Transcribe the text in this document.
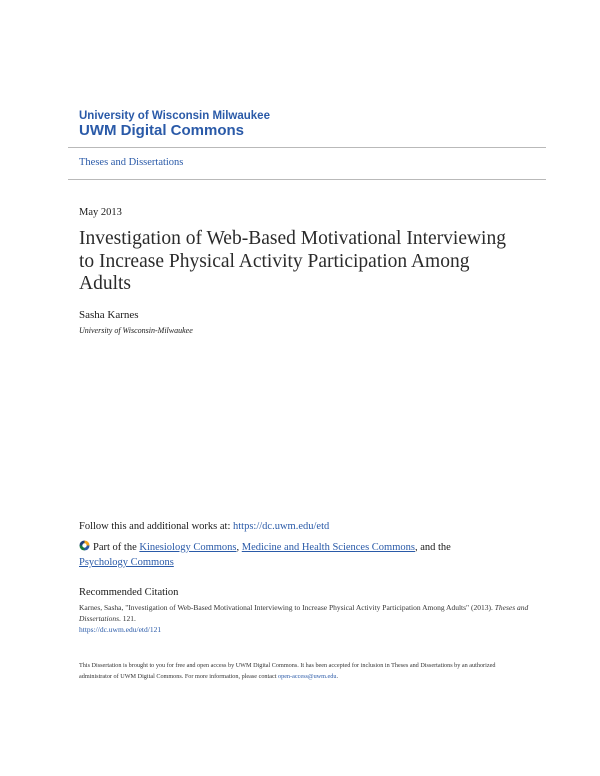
University of Wisconsin Milwaukee
UWM Digital Commons
Theses and Dissertations
May 2013
Investigation of Web-Based Motivational Interviewing to Increase Physical Activity Participation Among Adults
Sasha Karnes
University of Wisconsin-Milwaukee
Follow this and additional works at: https://dc.uwm.edu/etd
Part of the Kinesiology Commons, Medicine and Health Sciences Commons, and the
Psychology Commons
Recommended Citation
Karnes, Sasha, "Investigation of Web-Based Motivational Interviewing to Increase Physical Activity Participation Among Adults" (2013). Theses and Dissertations. 121.
https://dc.uwm.edu/etd/121
This Dissertation is brought to you for free and open access by UWM Digital Commons. It has been accepted for inclusion in Theses and Dissertations by an authorized administrator of UWM Digital Commons. For more information, please contact open-access@uwm.edu.
